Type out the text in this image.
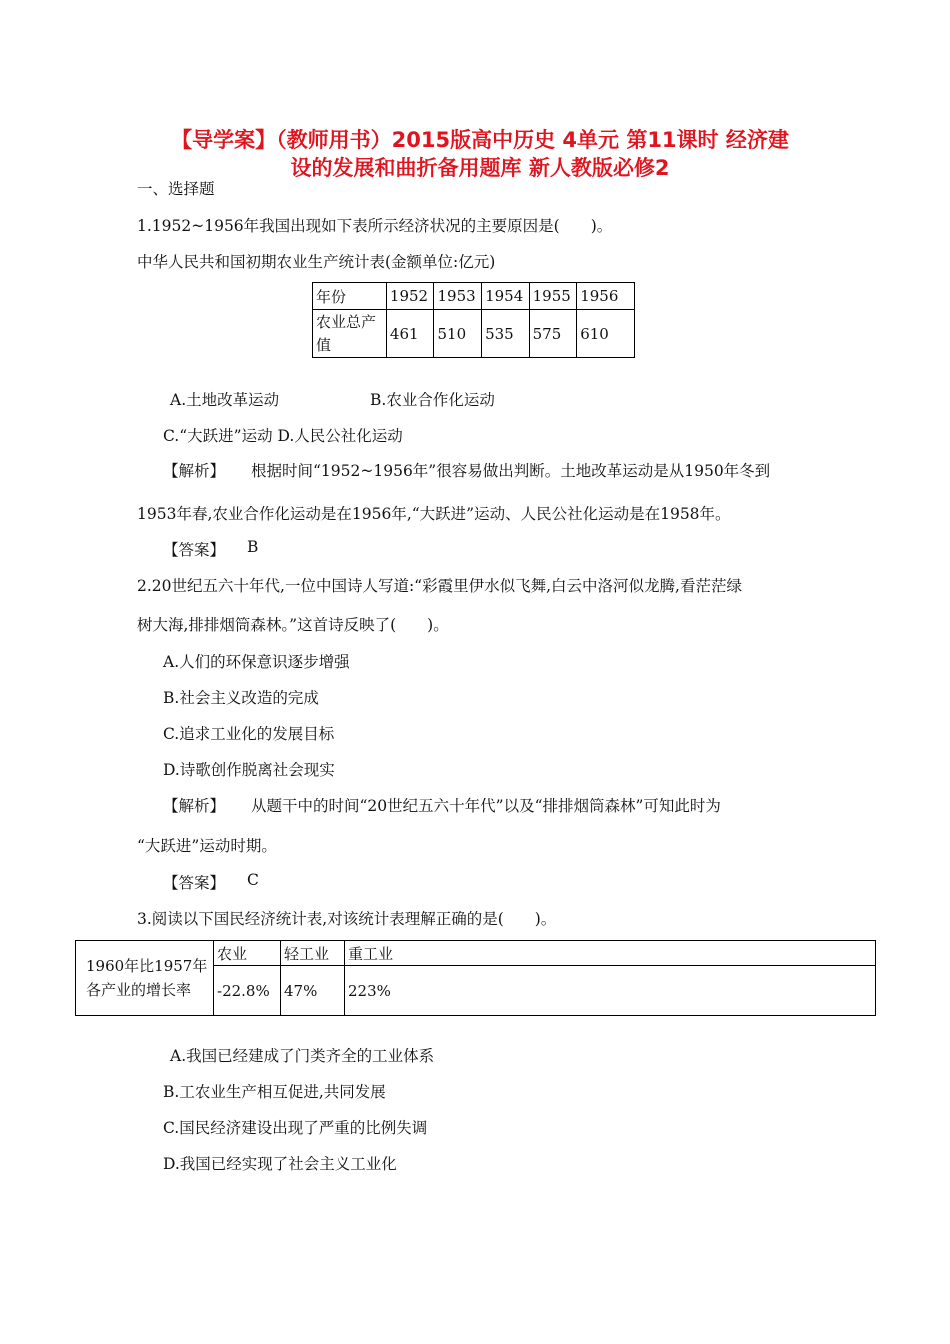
【导学案】（教师用书）2015版高中历史 4单元 第11课时 经济建
设的发展和曲折备用题库 新人教版必修2
一、选择题
1.1952~1956年我国出现如下表所示经济状况的主要原因是(　　)。
中华人民共和国初期农业生产统计表(金额单位:亿元)
年份	1952	1953	1954	1955	1956
农业总产值	461	510	535	575	610
A.土地改革运动	B.农业合作化运动
C.“大跃进”运动 D.人民公社化运动
【解析】 根据时间“1952~1956年”很容易做出判断。土地改革运动是从1950年冬到
1953年春,农业合作化运动是在1956年,“大跃进”运动、人民公社化运动是在1958年。
【答案】 B
2.20世纪五六十年代,一位中国诗人写道:“彩霞里伊水似飞舞,白云中洛河似龙腾,看茫茫绿
树大海,排排烟筒森林。”这首诗反映了(　　)。
A.人们的环保意识逐步增强
B.社会主义改造的完成
C.追求工业化的发展目标
D.诗歌创作脱离社会现实
【解析】 从题干中的时间“20世纪五六十年代”以及“排排烟筒森林”可知此时为
“大跃进”运动时期。
【答案】 C
3.阅读以下国民经济统计表,对该统计表理解正确的是(　　)。
1960年比1957年各产业的增长率	农业	轻工业	重工业
	-22.8%	47%	223%
A.我国已经建成了门类齐全的工业体系
B.工农业生产相互促进,共同发展
C.国民经济建设出现了严重的比例失调
D.我国已经实现了社会主义工业化
